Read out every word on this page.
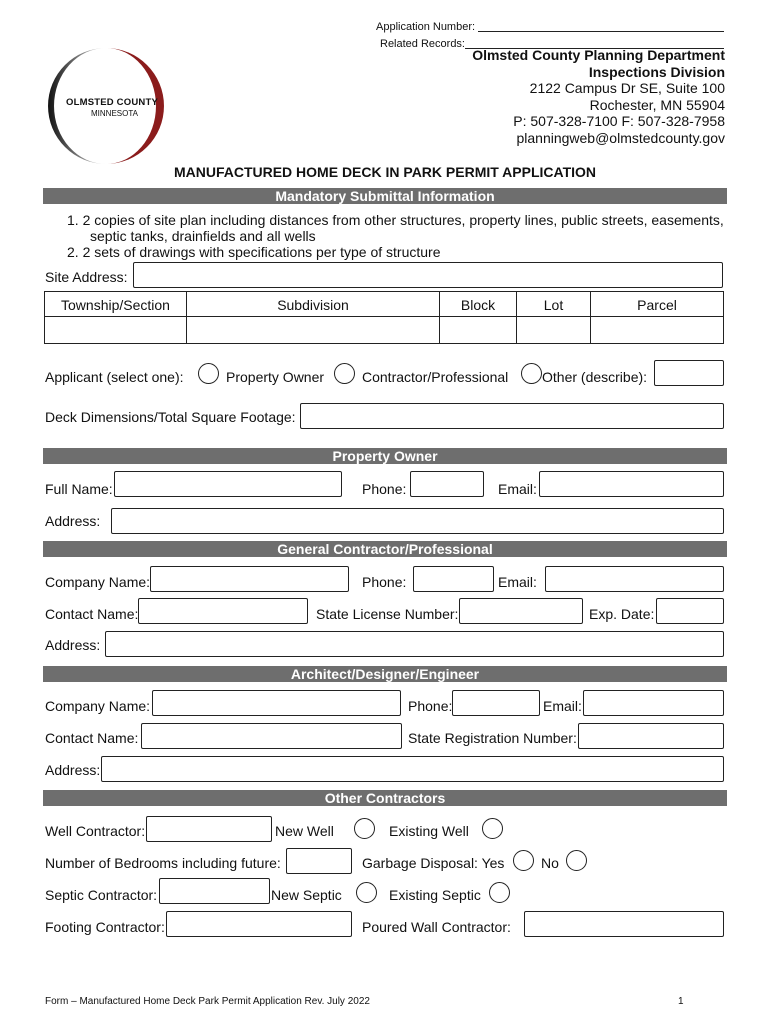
Application Number:
Related Records:
OLMSTED COUNTY
MINNESOTA
Olmsted County Planning Department
Inspections Division
2122 Campus Dr SE, Suite 100
Rochester, MN 55904
P: 507-328-7100 F: 507-328-7958
planningweb@olmstedcounty.gov
MANUFACTURED HOME DECK IN PARK PERMIT APPLICATION
Mandatory Submittal Information
1. 2 copies of site plan including distances from other structures, property lines, public streets, easements,
septic tanks, drainfields and all wells
2. 2 sets of drawings with specifications per type of structure
Site Address:
Township/Section	Subdivision	Block	Lot	Parcel
Applicant (select one):	Property Owner	Contractor/Professional Other (describe):
Deck Dimensions/Total Square Footage:
Property Owner
Full Name:	Phone:	Email:
Address:
General Contractor/Professional
Company Name:	Phone:	Email:
Contact Name:	State License Number:	Exp. Date:
Address:
Architect/Designer/Engineer
Company Name:	Phone:	Email:
Contact Name:	State Registration Number:
Address:
Other Contractors
Well Contractor:	New Well	Existing Well
Number of Bedrooms including future:	Garbage Disposal: Yes	No
Septic Contractor:	New Septic	Existing Septic
Footing Contractor:	Poured Wall Contractor:
Form – Manufactured Home Deck Park Permit Application Rev. July 2022	1
